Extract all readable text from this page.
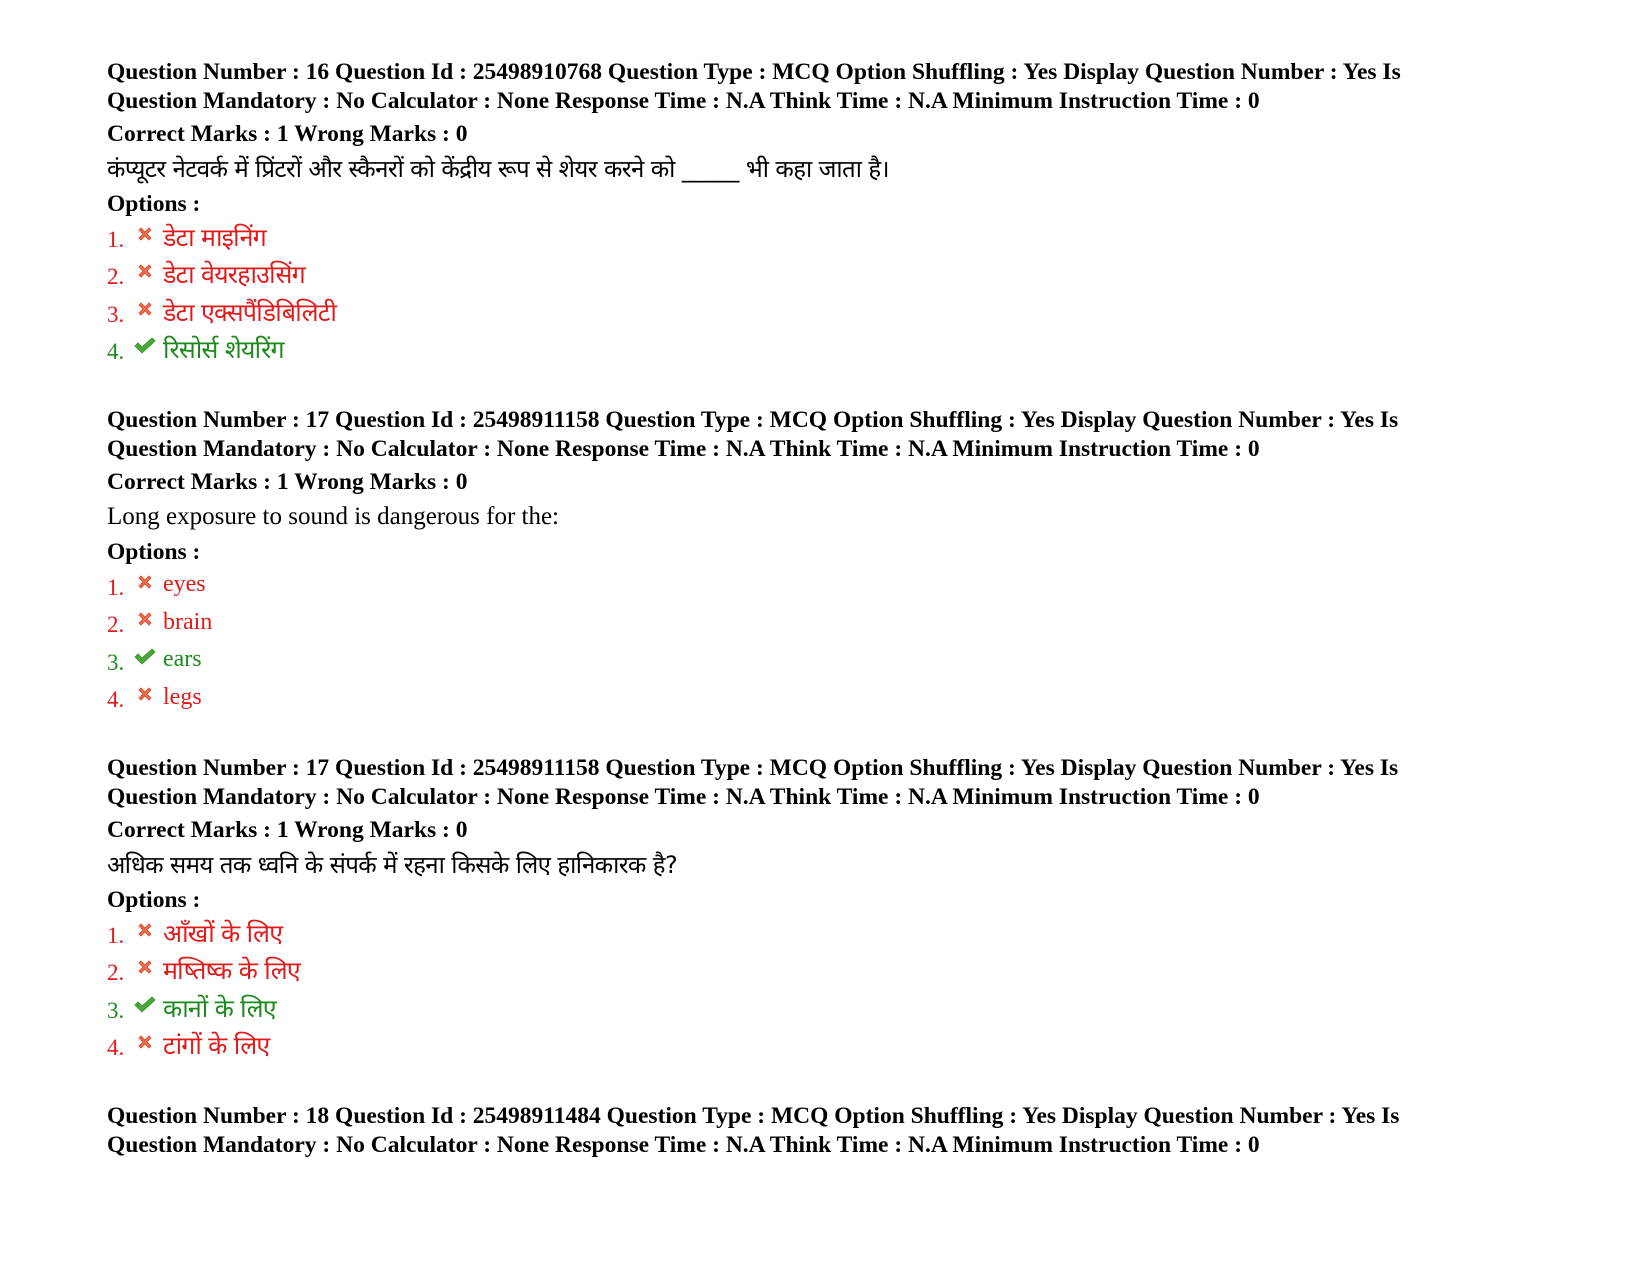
Question Number : 16 Question Id : 25498910768 Question Type : MCQ Option Shuffling : Yes Display Question Number : Yes Is
Question Mandatory : No Calculator : None Response Time : N.A Think Time : N.A Minimum Instruction Time : 0
Correct Marks : 1 Wrong Marks : 0
कंप्यूटर नेटवर्क में प्रिंटरों और स्कैनरों को केंद्रीय रूप से शेयर करने को _____ भी कहा जाता है।
Options :
1.	डेटा माइनिंग
2.	डेटा वेयरहाउसिंग
3.	डेटा एक्सपैंडिबिलिटी
4.	रिसोर्स शेयरिंग
Question Number : 17 Question Id : 25498911158 Question Type : MCQ Option Shuffling : Yes Display Question Number : Yes Is
Question Mandatory : No Calculator : None Response Time : N.A Think Time : N.A Minimum Instruction Time : 0
Correct Marks : 1 Wrong Marks : 0
Long exposure to sound is dangerous for the:
Options :
1.	eyes
2.	brain
3.	ears
4.	legs
Question Number : 17 Question Id : 25498911158 Question Type : MCQ Option Shuffling : Yes Display Question Number : Yes Is
Question Mandatory : No Calculator : None Response Time : N.A Think Time : N.A Minimum Instruction Time : 0
Correct Marks : 1 Wrong Marks : 0
अधिक समय तक ध्वनि के संपर्क में रहना किसके लिए हानिकारक है?
Options :
1.	आँखों के लिए
2.	मष्तिष्क के लिए
3.	कानों के लिए
4.	टांगों के लिए
Question Number : 18 Question Id : 25498911484 Question Type : MCQ Option Shuffling : Yes Display Question Number : Yes Is
Question Mandatory : No Calculator : None Response Time : N.A Think Time : N.A Minimum Instruction Time : 0
